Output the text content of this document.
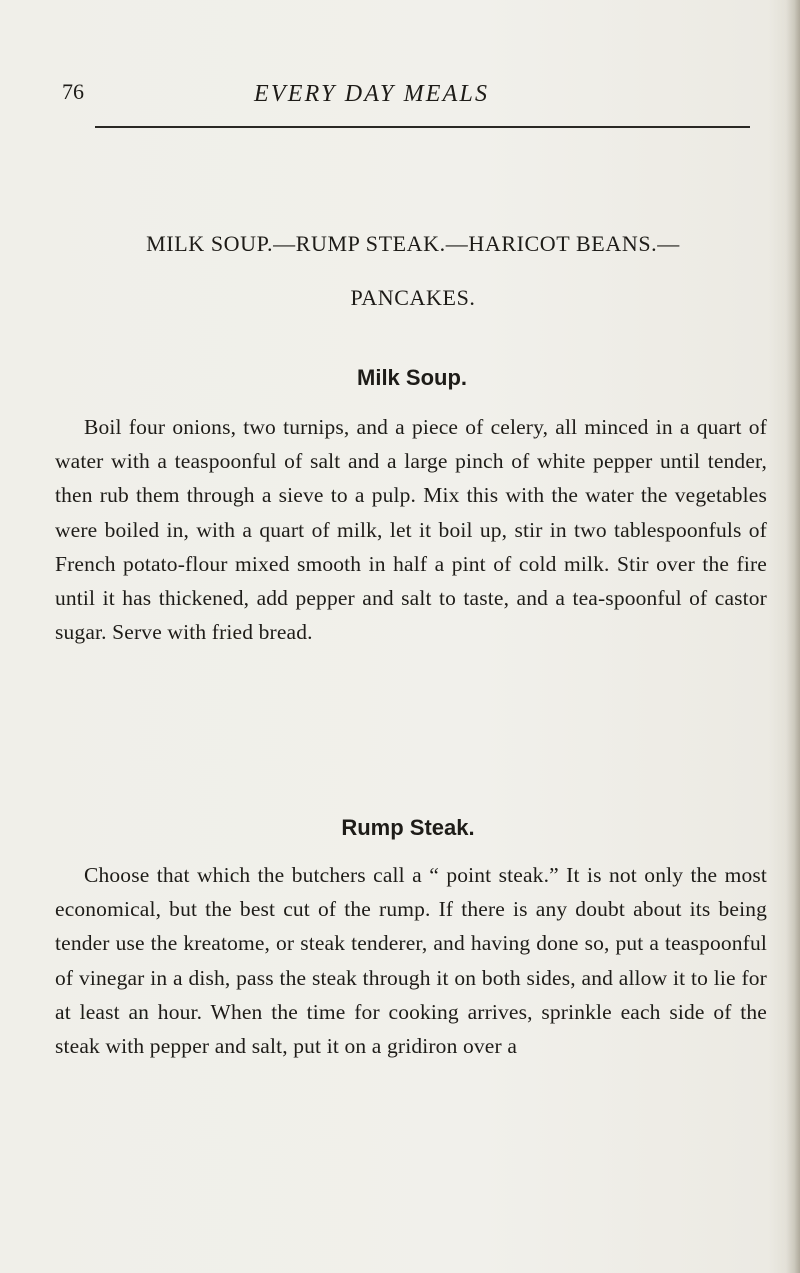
76	EVERY DAY MEALS
MILK SOUP.—RUMP STEAK.—HARICOT BEANS.—
PANCAKES.
Milk Soup.

Boil four onions, two turnips, and a piece of celery, all minced in a quart of water with a teaspoonful of salt and a large pinch of white pepper until tender, then rub them through a sieve to a pulp. Mix this with the water the vegetables were boiled in, with a quart of milk, let it boil up, stir in two tablespoonfuls of French potato-flour mixed smooth in half a pint of cold milk. Stir over the fire until it has thickened, add pepper and salt to taste, and a tea-spoonful of castor sugar. Serve with fried bread.

Rump Steak.

Choose that which the butchers call a “ point steak.” It is not only the most economical, but the best cut of the rump. If there is any doubt about its being tender use the kreatome, or steak tenderer, and having done so, put a teaspoonful of vinegar in a dish, pass the steak through it on both sides, and allow it to lie for at least an hour. When the time for cooking arrives, sprinkle each side of the steak with pepper and salt, put it on a gridiron over a
